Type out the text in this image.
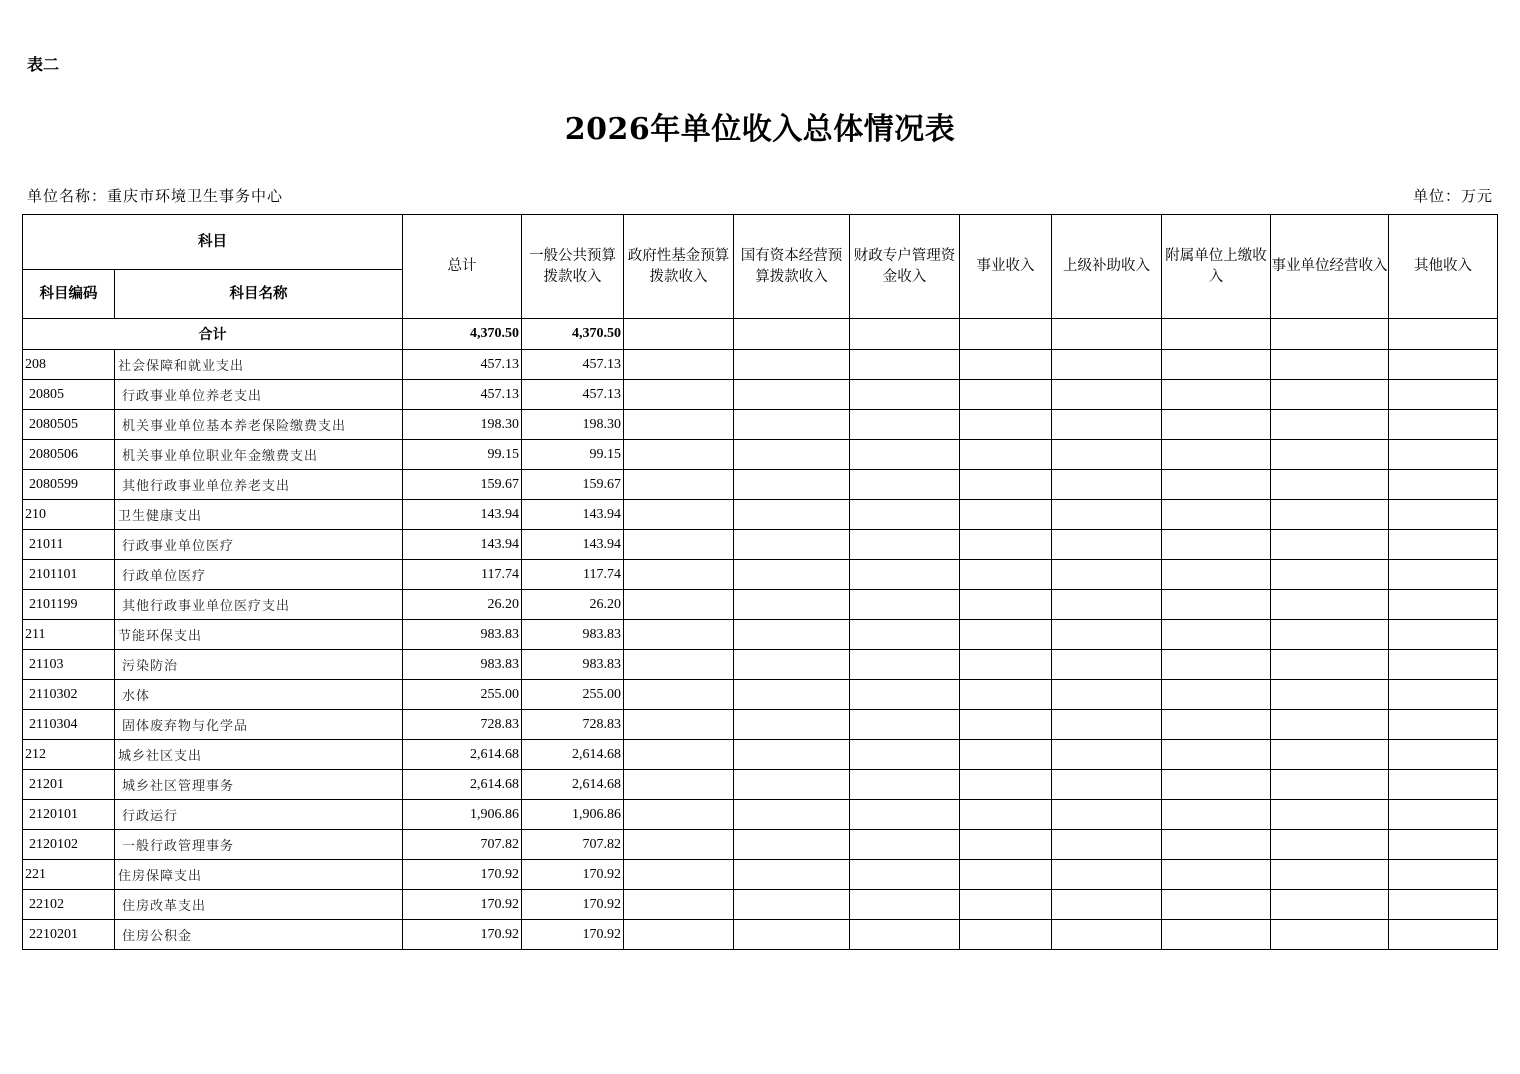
表二
2026年单位收入总体情况表
单位名称：重庆市环境卫生事务中心	单位：万元
科目		总计	一般公共预算拨款收入	政府性基金预算拨款收入	国有资本经营预算拨款收入	财政专户管理资金收入	事业收入	上级补助收入	附属单位上缴收入	事业单位经营收入	其他收入
科目编码	科目名称										
合计		4,370.50	4,370.50								
208	社会保障和就业支出	457.13	457.13								
20805	行政事业单位养老支出	457.13	457.13								
2080505	机关事业单位基本养老保险缴费支出	198.30	198.30								
2080506	机关事业单位职业年金缴费支出	99.15	99.15								
2080599	其他行政事业单位养老支出	159.67	159.67								
210	卫生健康支出	143.94	143.94								
21011	行政事业单位医疗	143.94	143.94								
2101101	行政单位医疗	117.74	117.74								
2101199	其他行政事业单位医疗支出	26.20	26.20								
211	节能环保支出	983.83	983.83								
21103	污染防治	983.83	983.83								
2110302	水体	255.00	255.00								
2110304	固体废弃物与化学品	728.83	728.83								
212	城乡社区支出	2,614.68	2,614.68								
21201	城乡社区管理事务	2,614.68	2,614.68								
2120101	行政运行	1,906.86	1,906.86								
2120102	一般行政管理事务	707.82	707.82								
221	住房保障支出	170.92	170.92								
22102	住房改革支出	170.92	170.92								
2210201	住房公积金	170.92	170.92								
